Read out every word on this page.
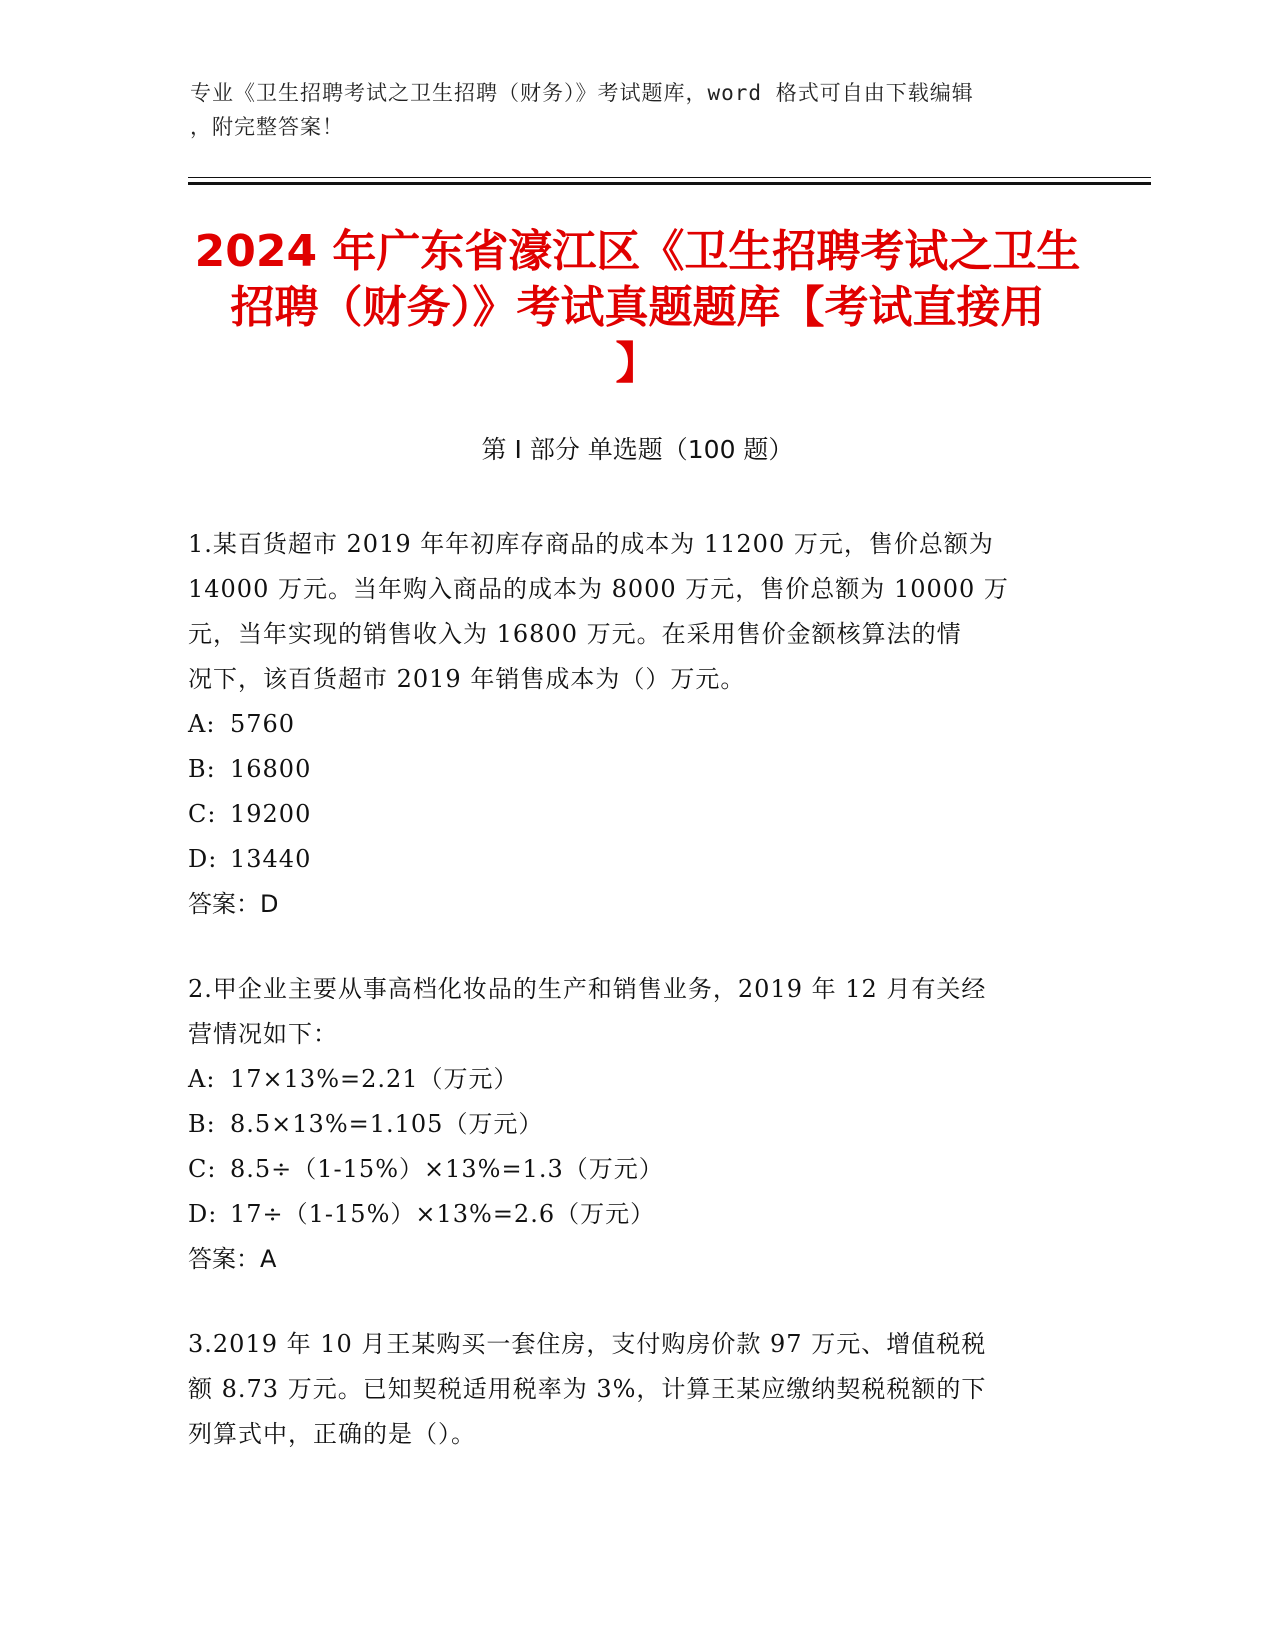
专业《卫生招聘考试之卫生招聘（财务）》考试题库，word 格式可自由下载编辑
，附完整答案！
2024 年广东省濠江区《卫生招聘考试之卫生
招聘（财务）》考试真题题库【考试直接用
】
第 I 部分 单选题（100 题）
1.某百货超市 2019 年年初库存商品的成本为 11200 万元，售价总额为
14000 万元。当年购入商品的成本为 8000 万元，售价总额为 10000 万
元，当年实现的销售收入为 16800 万元。在采用售价金额核算法的情
况下，该百货超市 2019 年销售成本为（）万元。
A: 5760
B: 16800
C: 19200
D: 13440
答案：D
2.甲企业主要从事高档化妆品的生产和销售业务，2019 年 12 月有关经
营情况如下：
A: 17×13%=2.21（万元）
B: 8.5×13%=1.105（万元）
C: 8.5÷（1-15%）×13%=1.3（万元）
D: 17÷（1-15%）×13%=2.6（万元）
答案：A
3.2019 年 10 月王某购买一套住房，支付购房价款 97 万元、增值税税
额 8.73 万元。已知契税适用税率为 3%，计算王某应缴纳契税税额的下
列算式中，正确的是（）。
